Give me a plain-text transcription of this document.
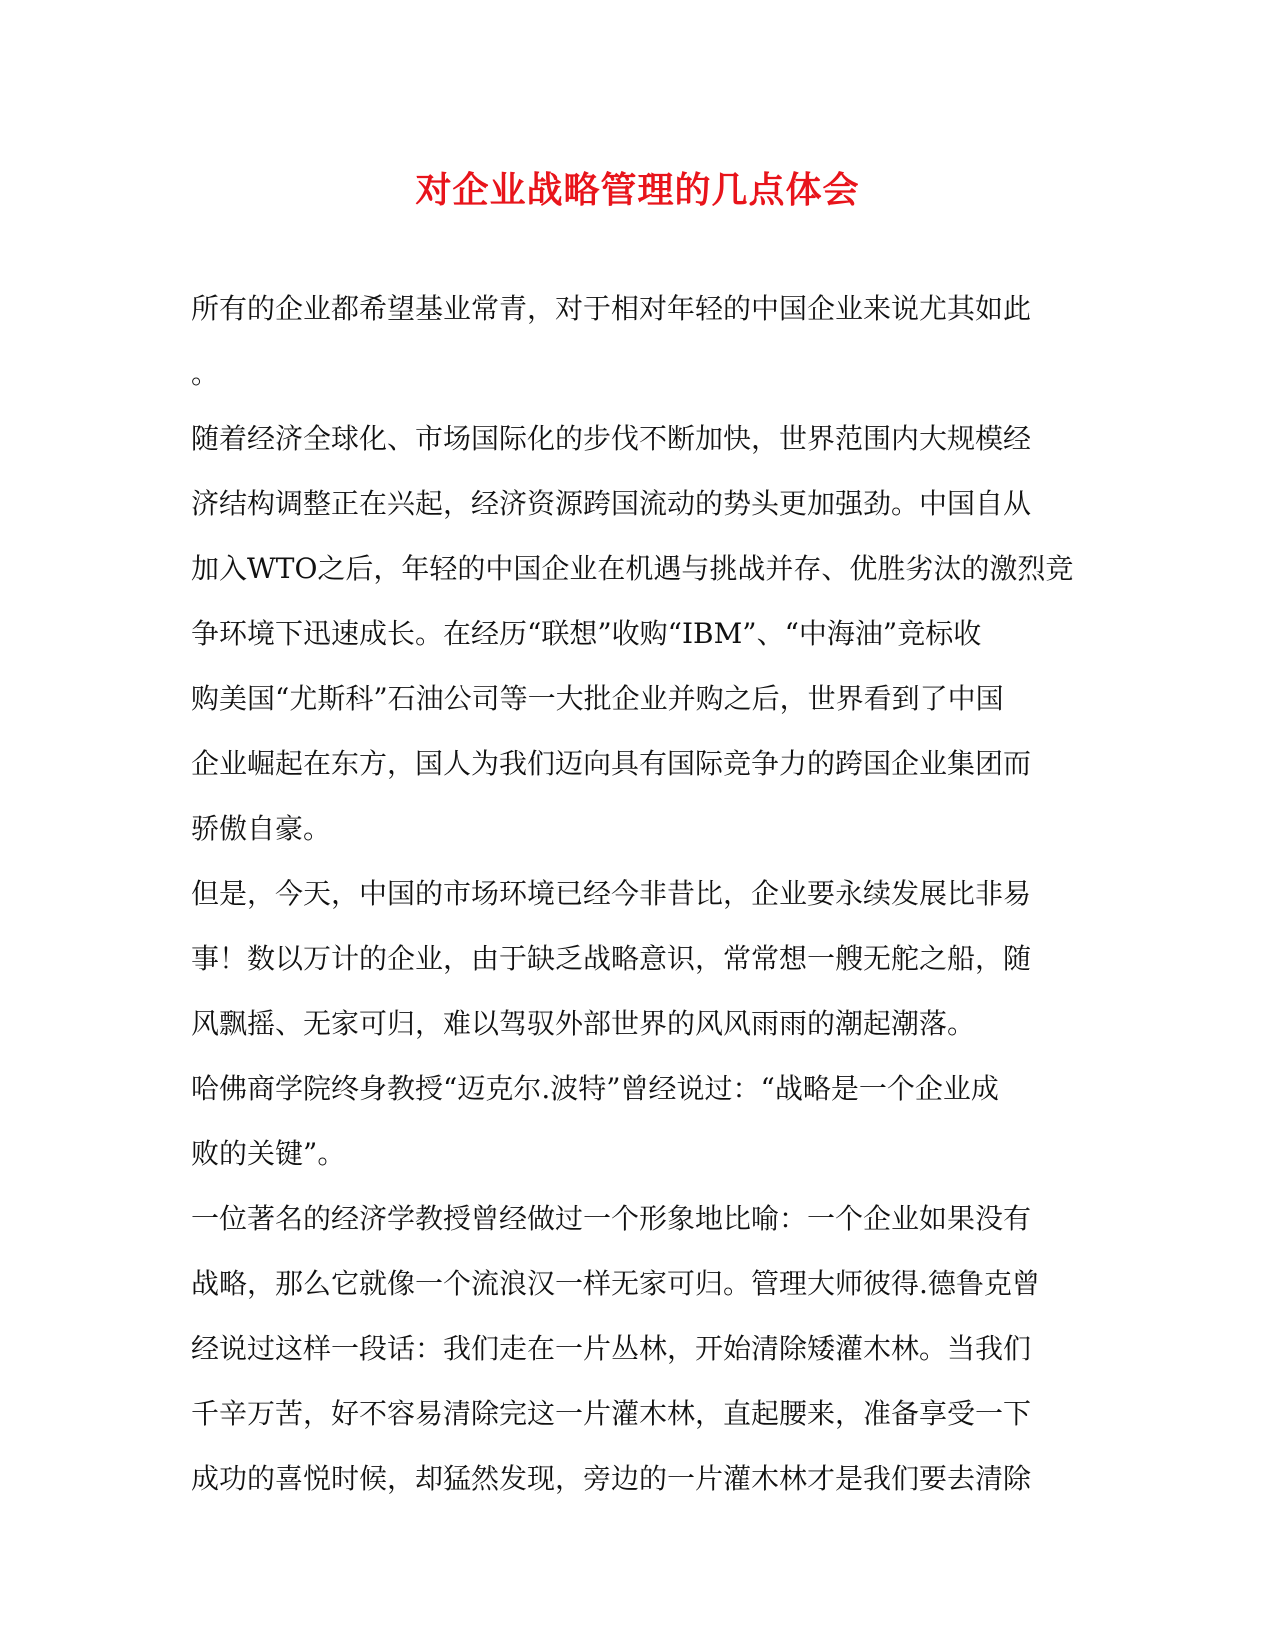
对企业战略管理的几点体会
所有的企业都希望基业常青，对于相对年轻的中国企业来说尤其如此
。
随着经济全球化、市场国际化的步伐不断加快，世界范围内大规模经
济结构调整正在兴起，经济资源跨国流动的势头更加强劲。中国自从
加入WTO之后，年轻的中国企业在机遇与挑战并存、优胜劣汰的激烈竞
争环境下迅速成长。在经历“联想”收购“IBM”、“中海油”竞标收
购美国“尤斯科”石油公司等一大批企业并购之后，世界看到了中国
企业崛起在东方，国人为我们迈向具有国际竞争力的跨国企业集团而
骄傲自豪。
但是，今天，中国的市场环境已经今非昔比，企业要永续发展比非易
事！数以万计的企业，由于缺乏战略意识，常常想一艘无舵之船，随
风飘摇、无家可归，难以驾驭外部世界的风风雨雨的潮起潮落。
哈佛商学院终身教授“迈克尔.波特”曾经说过：“战略是一个企业成
败的关键”。
一位著名的经济学教授曾经做过一个形象地比喻：一个企业如果没有
战略，那么它就像一个流浪汉一样无家可归。管理大师彼得.德鲁克曾
经说过这样一段话：我们走在一片丛林，开始清除矮灌木林。当我们
千辛万苦，好不容易清除完这一片灌木林，直起腰来，准备享受一下
成功的喜悦时候，却猛然发现，旁边的一片灌木林才是我们要去清除
